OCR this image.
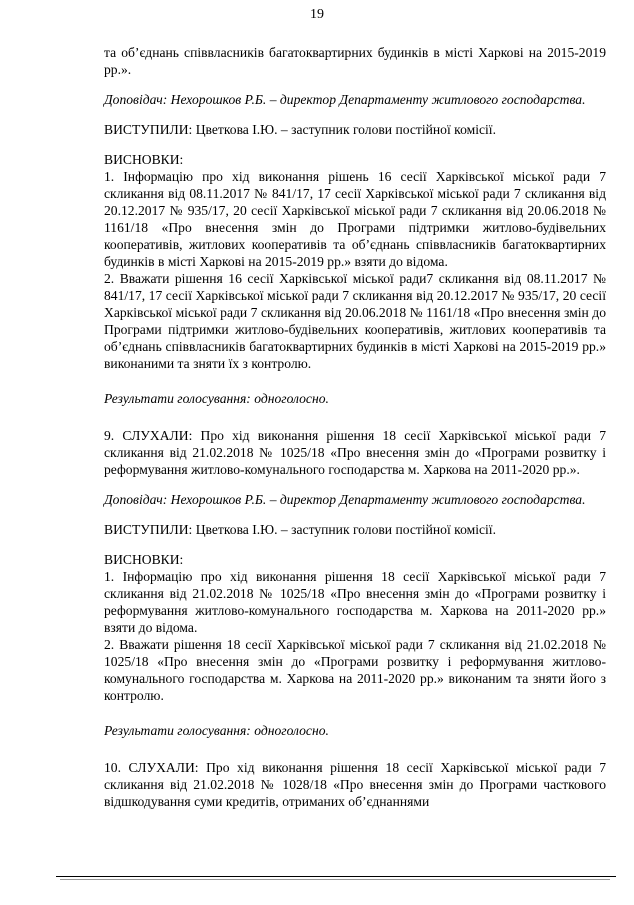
19

та об’єднань співвласників багатоквартирних будинків в місті Харкові на 2015-2019 рр.».

Доповідач: Нехорошков Р.Б. – директор Департаменту житлового господарства.

ВИСТУПИЛИ: Цветкова І.Ю. – заступник голови постійної комісії.

ВИСНОВКИ:

1. Інформацію про хід виконання рішень 16 сесії Харківської міської ради 7 скликання від 08.11.2017 № 841/17, 17 сесії Харківської міської ради 7 скликання від 20.12.2017 № 935/17, 20 сесії Харківської міської ради 7 скликання від 20.06.2018 № 1161/18 «Про внесення змін до Програми підтримки житлово-будівельних кооперативів, житлових кооперативів та об’єднань співвласників багатоквартирних будинків в місті Харкові на 2015-2019 рр.» взяти до відома.

2. Вважати рішення 16 сесії Харківської міської ради7 скликання від 08.11.2017 № 841/17, 17 сесії Харківської міської ради 7 скликання від 20.12.2017 № 935/17, 20 сесії Харківської міської ради 7 скликання від 20.06.2018 № 1161/18 «Про внесення змін до Програми підтримки житлово-будівельних кооперативів, житлових кооперативів та об’єднань співвласників багатоквартирних будинків в місті Харкові на 2015-2019 рр.» виконаними та зняти їх з контролю.

Результати голосування: одноголосно.

9. СЛУХАЛИ: Про хід виконання рішення 18 сесії Харківської міської ради 7 скликання від 21.02.2018 № 1025/18 «Про внесення змін до «Програми розвитку і реформування житлово-комунального господарства м. Харкова на 2011-2020 рр.».

Доповідач: Нехорошков Р.Б. – директор Департаменту житлового господарства.

ВИСТУПИЛИ: Цветкова І.Ю. – заступник голови постійної комісії.

ВИСНОВКИ:

1. Інформацію про хід виконання рішення 18 сесії Харківської міської ради 7 скликання від 21.02.2018 № 1025/18 «Про внесення змін до «Програми розвитку і реформування житлово-комунального господарства м. Харкова на 2011-2020 рр.» взяти до відома.

2. Вважати рішення 18 сесії Харківської міської ради 7 скликання від 21.02.2018 № 1025/18 «Про внесення змін до «Програми розвитку і реформування житлово-комунального господарства м. Харкова на 2011-2020 рр.» виконаним та зняти його з контролю.

Результати голосування: одноголосно.

10. СЛУХАЛИ: Про хід виконання рішення 18 сесії Харківської міської ради 7 скликання від 21.02.2018 № 1028/18 «Про внесення змін до Програми часткового відшкодування суми кредитів, отриманих об’єднаннями
